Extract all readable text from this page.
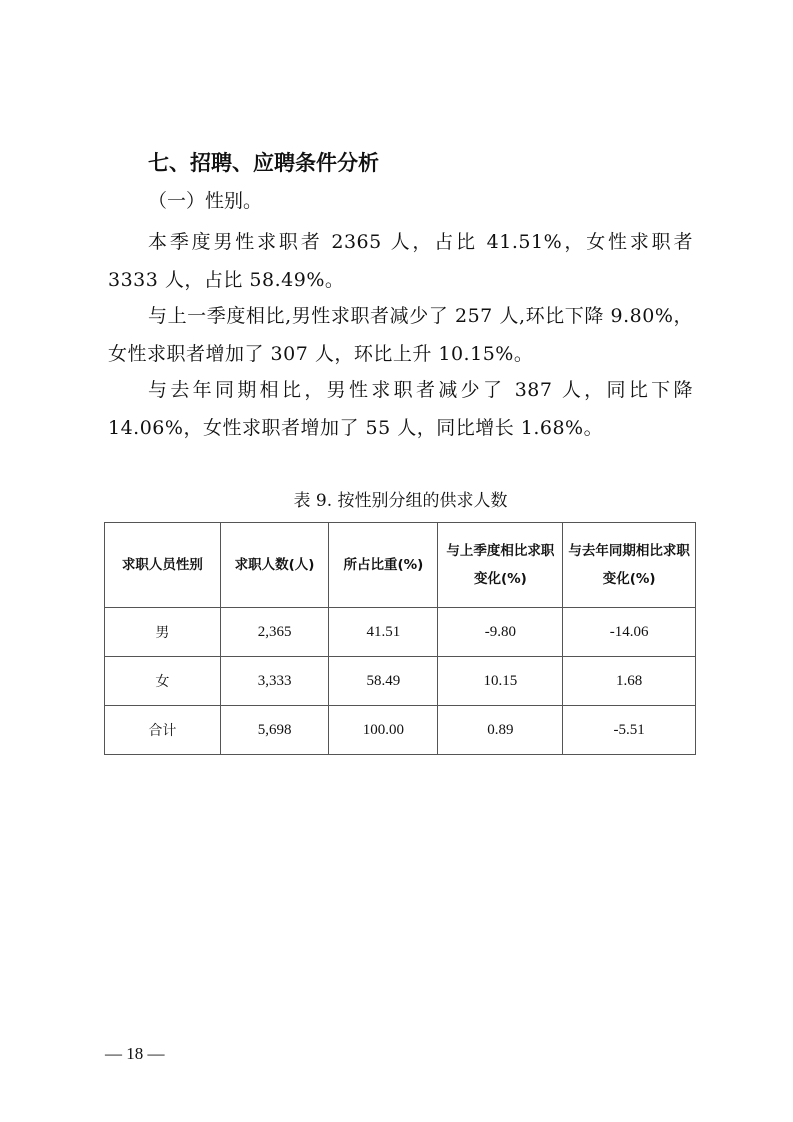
七、招聘、应聘条件分析

（一）性别。

本季度男性求职者 2365 人，占比 41.51%，女性求职者 3333 人，占比 58.49%。

与上一季度相比,男性求职者减少了 257 人,环比下降 9.80%，女性求职者增加了 307 人，环比上升 10.15%。

与去年同期相比，男性求职者减少了 387 人，同比下降 14.06%，女性求职者增加了 55 人，同比增长 1.68%。

表 9. 按性别分组的供求人数

求职人员性别	求职人数(人)	所占比重(%)	与上季度相比求职变化(%)	与去年同期相比求职变化(%)
男	2,365	41.51	-9.80	-14.06
女	3,333	58.49	10.15	1.68
合计	5,698	100.00	0.89	-5.51

— 18 —
